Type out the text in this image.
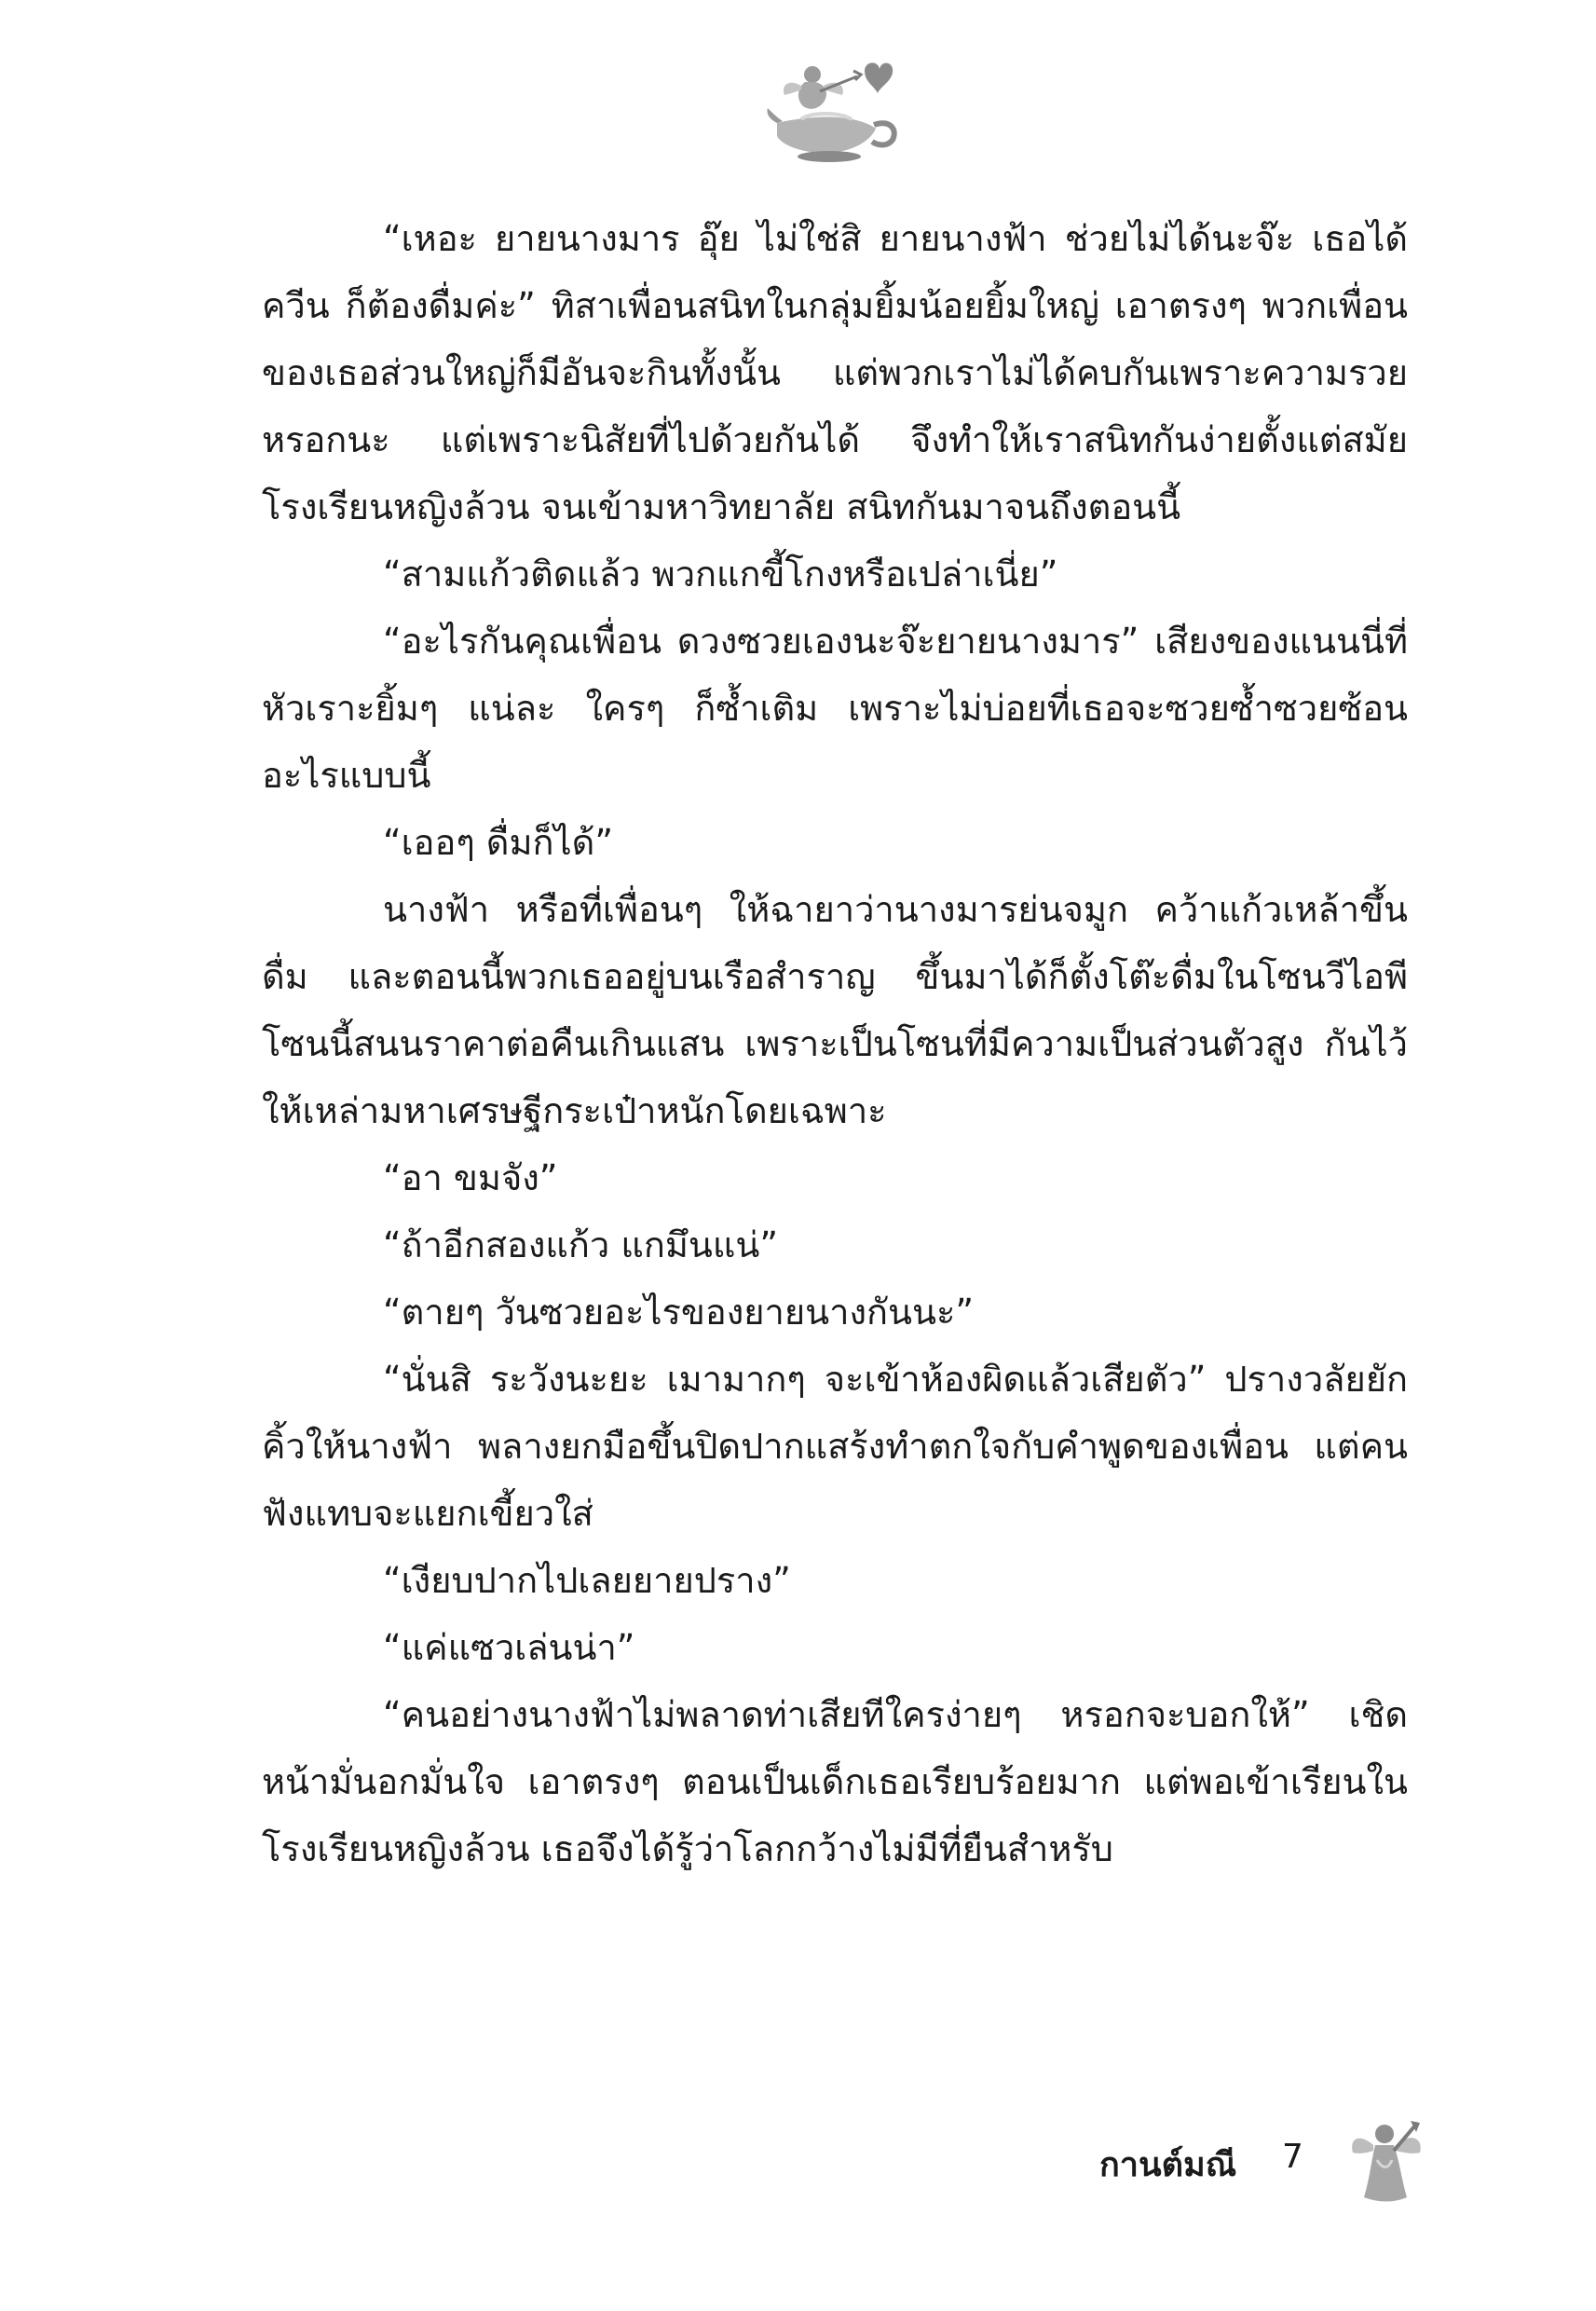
“เหอะ ยายนางมาร อุ๊ย ไม่ใช่สิ ยายนางฟ้า ช่วยไม่ได้นะจ๊ะ เธอได้ควีน ก็ต้องดื่มค่ะ” ทิสาเพื่อนสนิทในกลุ่มยิ้มน้อยยิ้มใหญ่ เอาตรงๆ พวกเพื่อนของเธอส่วนใหญ่ก็มีอันจะกินทั้งนั้น แต่พวกเราไม่ได้คบกันเพราะความรวยหรอกนะ แต่เพราะนิสัยที่ไปด้วยกันได้ จึงทำให้เราสนิทกันง่ายตั้งแต่สมัยโรงเรียนหญิงล้วน จนเข้ามหาวิทยาลัย สนิทกันมาจนถึงตอนนี้

“สามแก้วติดแล้ว พวกแกขี้โกงหรือเปล่าเนี่ย”

“อะไรกันคุณเพื่อน ดวงซวยเองนะจ๊ะยายนางมาร” เสียงของแนนนี่ที่หัวเราะยิ้มๆ แน่ละ ใครๆ ก็ซ้ำเติม เพราะไม่บ่อยที่เธอจะซวยซ้ำซวยซ้อนอะไรแบบนี้

“เออๆ ดื่มก็ได้”

นางฟ้า หรือที่เพื่อนๆ ให้ฉายาว่านางมารย่นจมูก คว้าแก้วเหล้าขึ้นดื่ม และตอนนี้พวกเธออยู่บนเรือสำราญ ขึ้นมาได้ก็ตั้งโต๊ะดื่มในโซนวีไอพี โซนนี้สนนราคาต่อคืนเกินแสน เพราะเป็นโซนที่มีความเป็นส่วนตัวสูง กันไว้ให้เหล่ามหาเศรษฐีกระเป๋าหนักโดยเฉพาะ

“อา ขมจัง”

“ถ้าอีกสองแก้ว แกมึนแน่”

“ตายๆ วันซวยอะไรของยายนางกันนะ”

“นั่นสิ ระวังนะยะ เมามากๆ จะเข้าห้องผิดแล้วเสียตัว” ปรางวลัยยักคิ้วให้นางฟ้า พลางยกมือขึ้นปิดปากแสร้งทำตกใจกับคำพูดของเพื่อน แต่คนฟังแทบจะแยกเขี้ยวใส่

“เงียบปากไปเลยยายปราง”

“แค่แซวเล่นน่า”

“คนอย่างนางฟ้าไม่พลาดท่าเสียทีใครง่ายๆ หรอกจะบอกให้” เชิดหน้ามั่นอกมั่นใจ เอาตรงๆ ตอนเป็นเด็กเธอเรียบร้อยมาก แต่พอเข้าเรียนในโรงเรียนหญิงล้วน เธอจึงได้รู้ว่าโลกกว้างไม่มีที่ยืนสำหรับ

กานต์มณี 7
